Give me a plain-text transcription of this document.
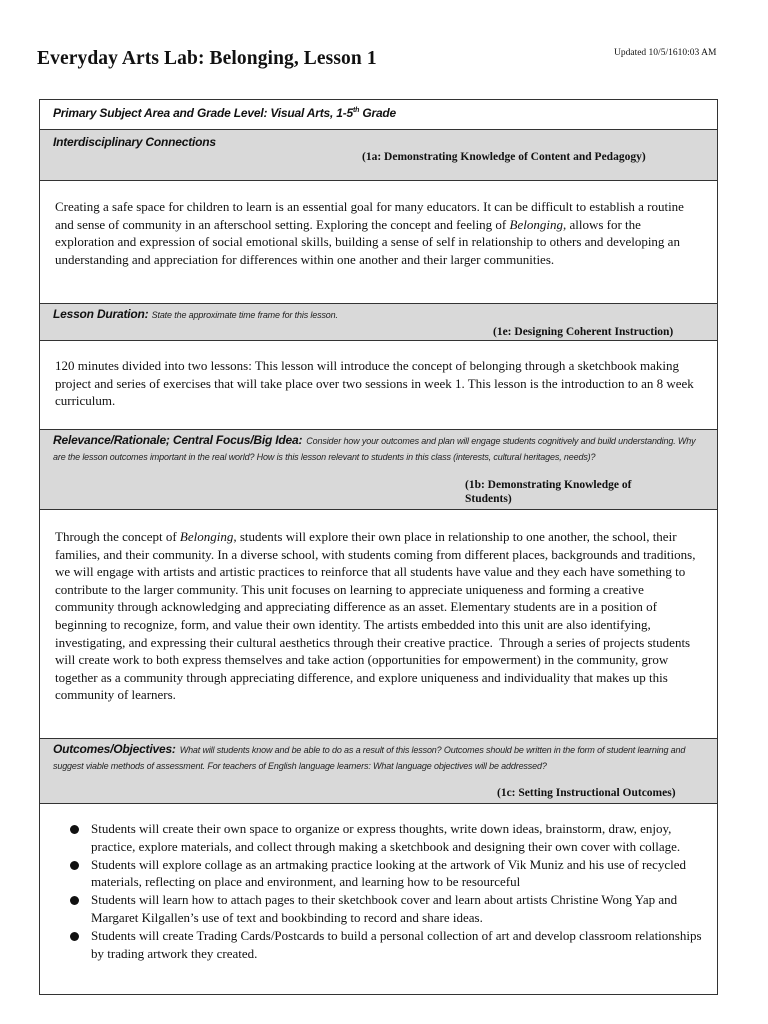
Everyday Arts Lab: Belonging, Lesson 1	Updated 10/5/1610:03 AM
Primary Subject Area and Grade Level: Visual Arts, 1-5th Grade
Interdisciplinary Connections
(1a: Demonstrating Knowledge of Content and Pedagogy)

Creating a safe space for children to learn is an essential goal for many educators. It can be difficult to establish a routine and sense of community in an afterschool setting. Exploring the concept and feeling of Belonging, allows for the exploration and expression of social emotional skills, building a sense of self in relationship to others and developing an understanding and appreciation for differences within one another and their larger communities.

Lesson Duration: State the approximate time frame for this lesson.
(1e: Designing Coherent Instruction)

120 minutes divided into two lessons: This lesson will introduce the concept of belonging through a sketchbook making project and series of exercises that will take place over two sessions in week 1. This lesson is the introduction to an 8 week curriculum.

Relevance/Rationale; Central Focus/Big Idea: Consider how your outcomes and plan will engage students cognitively and build understanding. Why are the lesson outcomes important in the real world? How is this lesson relevant to students in this class (interests, cultural heritages, needs)?
(1b: Demonstrating Knowledge of
Students)

Through the concept of Belonging, students will explore their own place in relationship to one another, the school, their families, and their community. In a diverse school, with students coming from different places, backgrounds and traditions, we will engage with artists and artistic practices to reinforce that all students have value and they each have something to contribute to the larger community. This unit focuses on learning to appreciate uniqueness and forming a creative community through acknowledging and appreciating difference as an asset. Elementary students are in a position of beginning to recognize, form, and value their own identity. The artists embedded into this unit are also identifying, investigating, and expressing their cultural aesthetics through their creative practice.  Through a series of projects students will create work to both express themselves and take action (opportunities for empowerment) in the community, grow together as a community through appreciating difference, and explore uniqueness and individuality that makes up this community of learners.

Outcomes/Objectives: What will students know and be able to do as a result of this lesson? Outcomes should be written in the form of student learning and suggest viable methods of assessment. For teachers of English language learners: What language objectives will be addressed?
(1c: Setting Instructional Outcomes)
Students will create their own space to organize or express thoughts, write down ideas, brainstorm, draw, enjoy, practice, explore materials, and collect through making a sketchbook and designing their own cover with collage.
Students will explore collage as an artmaking practice looking at the artwork of Vik Muniz and his use of recycled materials, reflecting on place and environment, and learning how to be resourceful
Students will learn how to attach pages to their sketchbook cover and learn about artists Christine Wong Yap and Margaret Kilgallen’s use of text and bookbinding to record and share ideas.
Students will create Trading Cards/Postcards to build a personal collection of art and develop classroom relationships by trading artwork they created.
